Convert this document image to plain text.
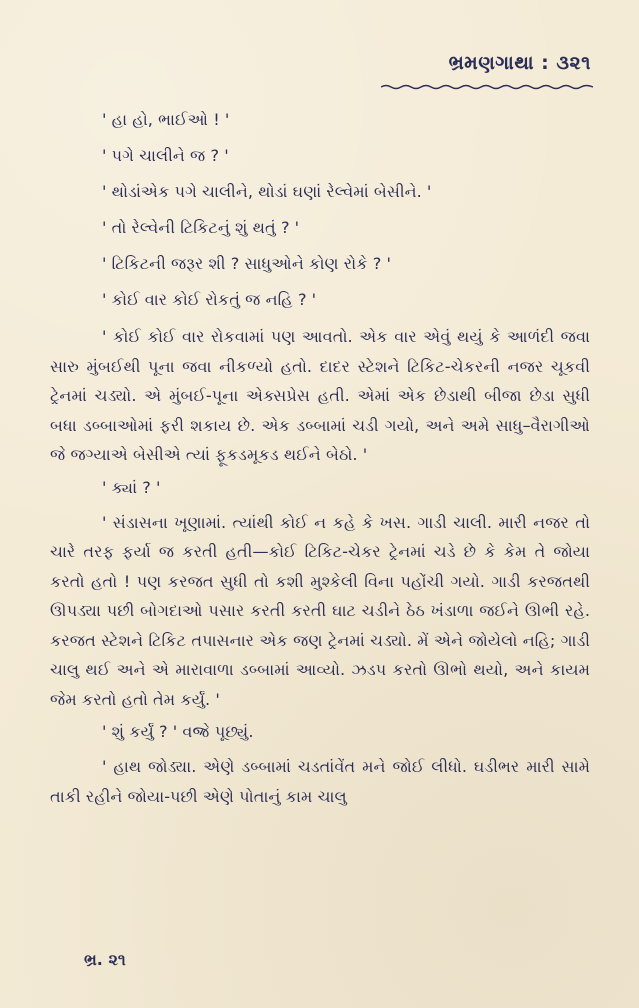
ભ્રમણગાથા : ૩૨૧

' હા હો, ભાઈઓ ! '

' પગે ચાલીને જ ? '

' થોડાંએક પગે ચાલીને, થોડાં ઘણાં રેલ્વેમાં બેસીને. '

' તો રેલ્વેની ટિકિટનું શું થતું ? '

' ટિકિટની જરૂર શી ? સાધુઓને કોણ રોકે ? '

' કોઈ વાર કોઈ રોકતું જ નહિ ? '

' કોઈ કોઈ વાર રોકવામાં પણ આવતો. એક વાર એવું થયું કે આળંદી જવા સારુ મુંબઈથી પૂના જવા નીકળ્યો હતો. દાદર સ્ટેશને ટિકિટ-ચેકરની નજર ચૂકવી ટ્રેનમાં ચડ્યો. એ મુંબઈ-પૂના એક્સપ્રેસ હતી. એમાં એક છેડાથી બીજા છેડા સુધી બધા ડબ્બાઓમાં ફરી શકાય છે. એક ડબ્બામાં ચડી ગયો, અને અમે સાધુ–વૈરાગીઓ જે જગ્યાએ બેસીએ ત્યાં ફૂકડમૂકડ થઈને બેઠો. '

' ક્યાં ? '

' સંડાસના ખૂણામાં. ત્યાંથી કોઈ ન કહે કે ખસ. ગાડી ચાલી. મારી નજર તો ચારે તરફ ફર્યા જ કરતી હતી—કોઈ ટિકિટ-ચેકર ટ્રેનમાં ચડે છે કે કેમ તે જોયા કરતો હતો ! પણ કરજત સુધી તો કશી મુશ્કેલી વિના પહોંચી ગયો. ગાડી કરજતથી ઊપડ્યા પછી બોગદાઓ પસાર કરતી કરતી ઘાટ ચડીને ઠેઠ ખંડાળા જઈને ઊભી રહે. કરજત સ્ટેશને ટિકિટ તપાસનાર એક જણ ટ્રેનમાં ચડ્યો. મેં એને જોયેલો નહિ; ગાડી ચાલુ થઈ અને એ મારાવાળા ડબ્બામાં આવ્યો. ઝડપ કરતો ઊભો થયો, અને કાયમ જેમ કરતો હતો તેમ કર્યું. '

' શું કર્યું ? ' વજ્રે પૂછ્યું.

' હાથ જોડ્યા. એણે ડબ્બામાં ચડતાંવેંત મને જોઈ લીધો. ઘડીભર મારી સામે તાકી રહીને જોયા-પછી એણે પોતાનું કામ ચાલુ

ભ્ર. ૨૧
